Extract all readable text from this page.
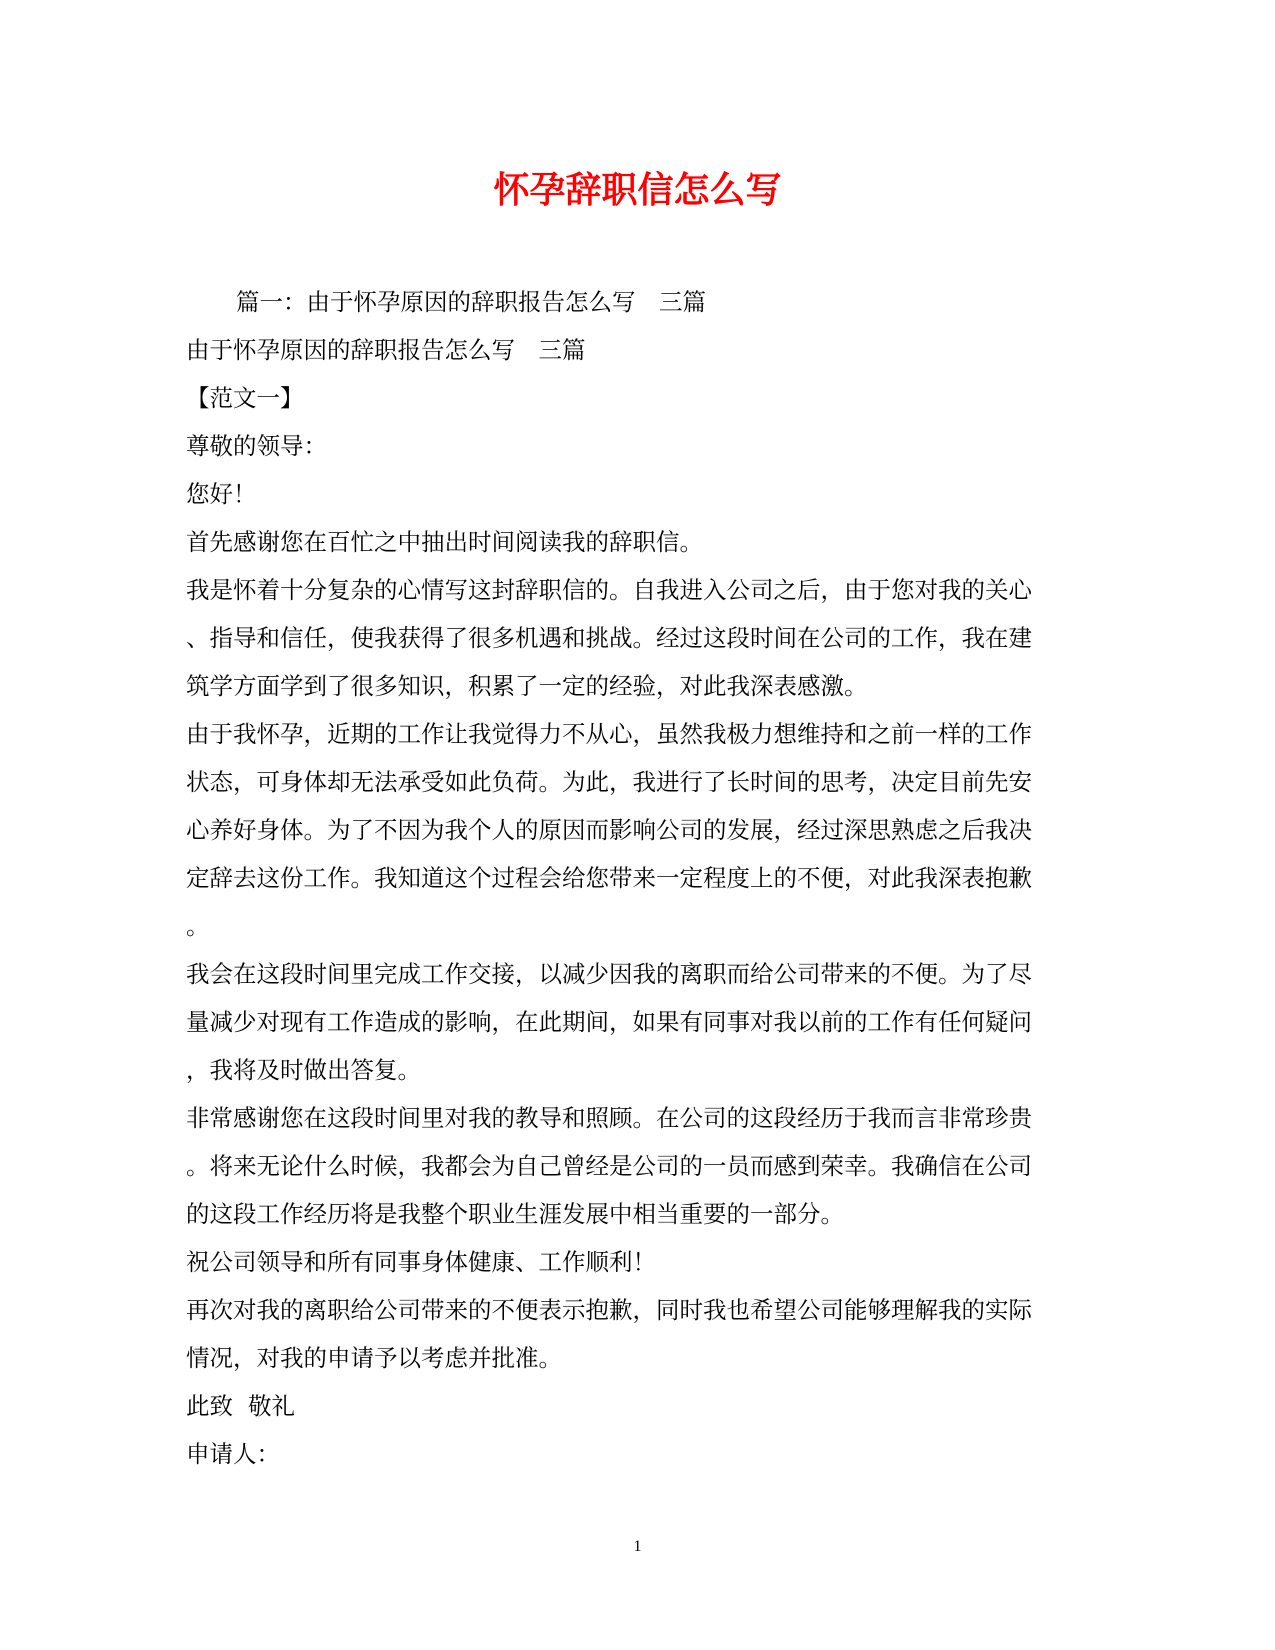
怀孕辞职信怎么写
篇一：由于怀孕原因的辞职报告怎么写　三篇
由于怀孕原因的辞职报告怎么写　三篇
【范文一】
尊敬的领导：
您好！
首先感谢您在百忙之中抽出时间阅读我的辞职信。
我是怀着十分复杂的心情写这封辞职信的。自我进入公司之后，由于您对我的关心
、指导和信任，使我获得了很多机遇和挑战。经过这段时间在公司的工作，我在建
筑学方面学到了很多知识，积累了一定的经验，对此我深表感激。
由于我怀孕，近期的工作让我觉得力不从心，虽然我极力想维持和之前一样的工作
状态，可身体却无法承受如此负荷。为此，我进行了长时间的思考，决定目前先安
心养好身体。为了不因为我个人的原因而影响公司的发展，经过深思熟虑之后我决
定辞去这份工作。我知道这个过程会给您带来一定程度上的不便，对此我深表抱歉
。
我会在这段时间里完成工作交接，以减少因我的离职而给公司带来的不便。为了尽
量减少对现有工作造成的影响，在此期间，如果有同事对我以前的工作有任何疑问
，我将及时做出答复。
非常感谢您在这段时间里对我的教导和照顾。在公司的这段经历于我而言非常珍贵
。将来无论什么时候，我都会为自己曾经是公司的一员而感到荣幸。我确信在公司
的这段工作经历将是我整个职业生涯发展中相当重要的一部分。
祝公司领导和所有同事身体健康、工作顺利！
再次对我的离职给公司带来的不便表示抱歉，同时我也希望公司能够理解我的实际
情况，对我的申请予以考虑并批准。
此致  敬礼
申请人：
1
